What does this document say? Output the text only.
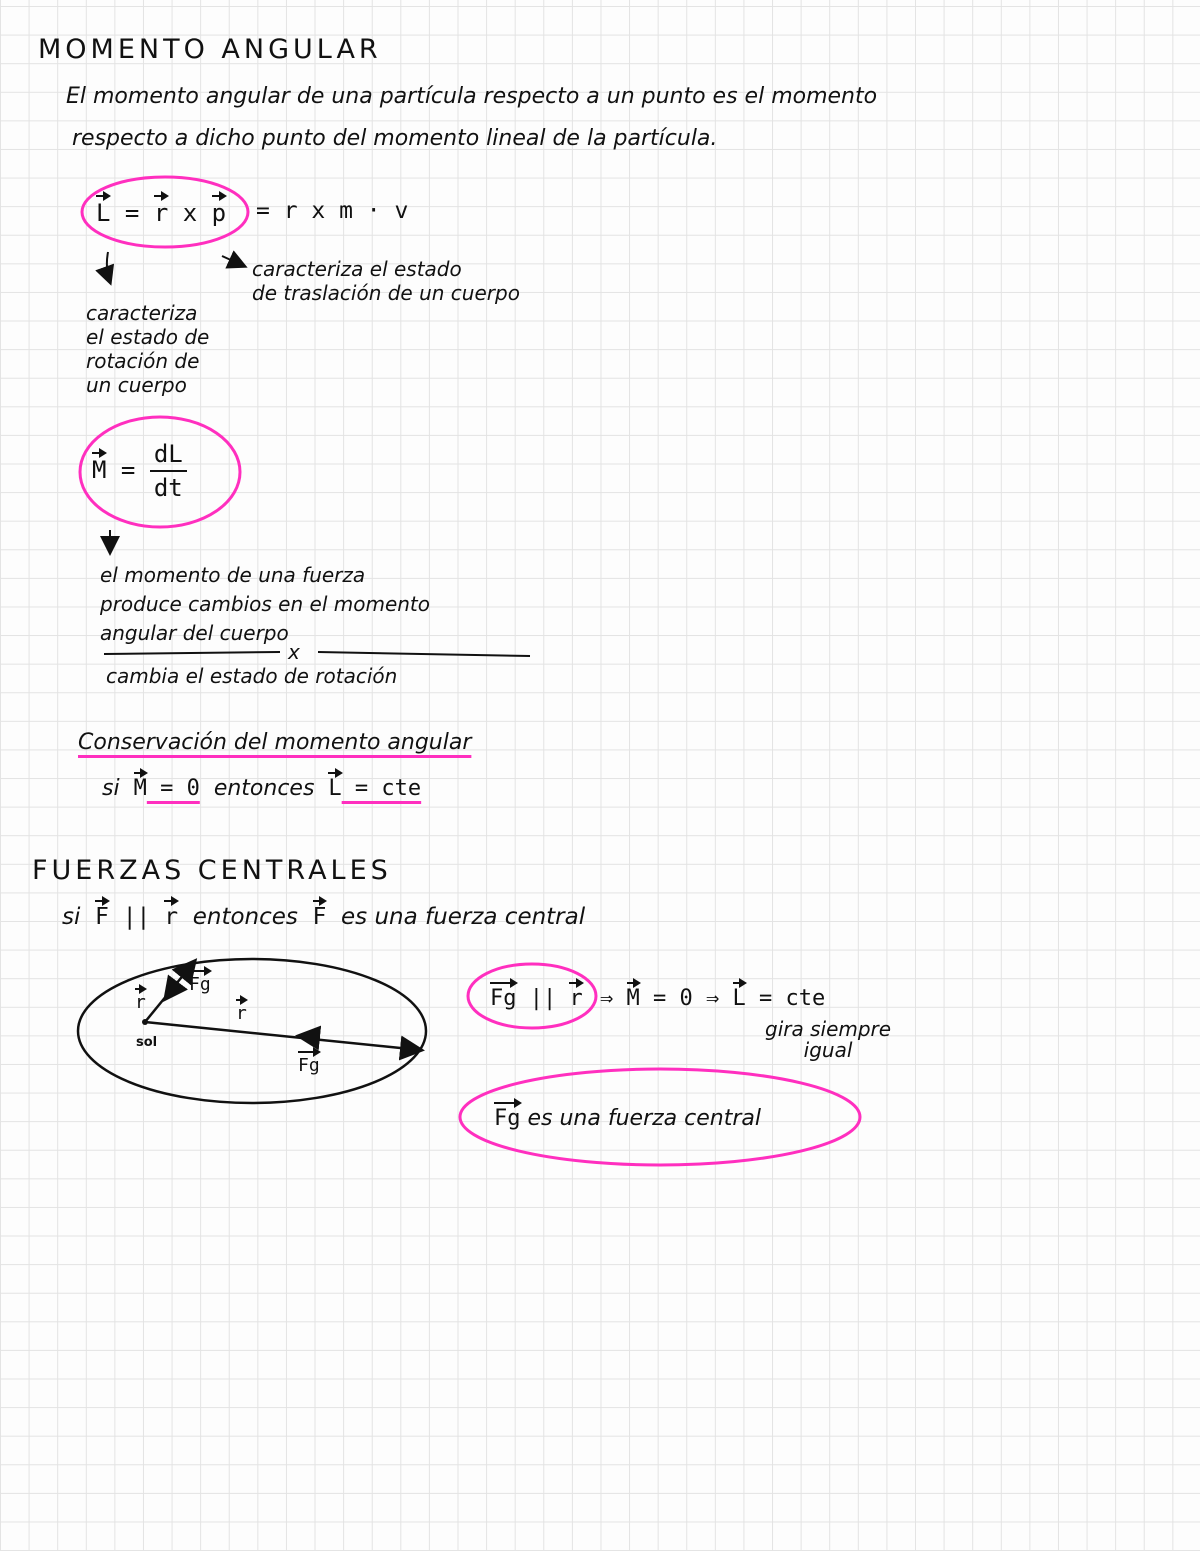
MOMENTO ANGULAR
El momento angular de una partícula respecto a un punto es el momento
respecto a dicho punto del momento lineal de la partícula.
L = r x p = r x m · v
caracteriza el estado
de traslación de un cuerpo
caracteriza
el estado de
rotación de
un cuerpo
$M = \frac{dL}{dt}$
el momento de una fuerza
produce cambios en el momento
angular del cuerpo
x
cambia el estado de rotación
Conservación del momento angular
si M = 0 entonces L = cte
FUERZAS CENTRALES
si F || r entonces F es una fuerza central
r
Fg
r
sol
Fg
Fg || r ⇒ M = 0 ⇒ L = cte
gira siempre
igual
Fg es una fuerza central
